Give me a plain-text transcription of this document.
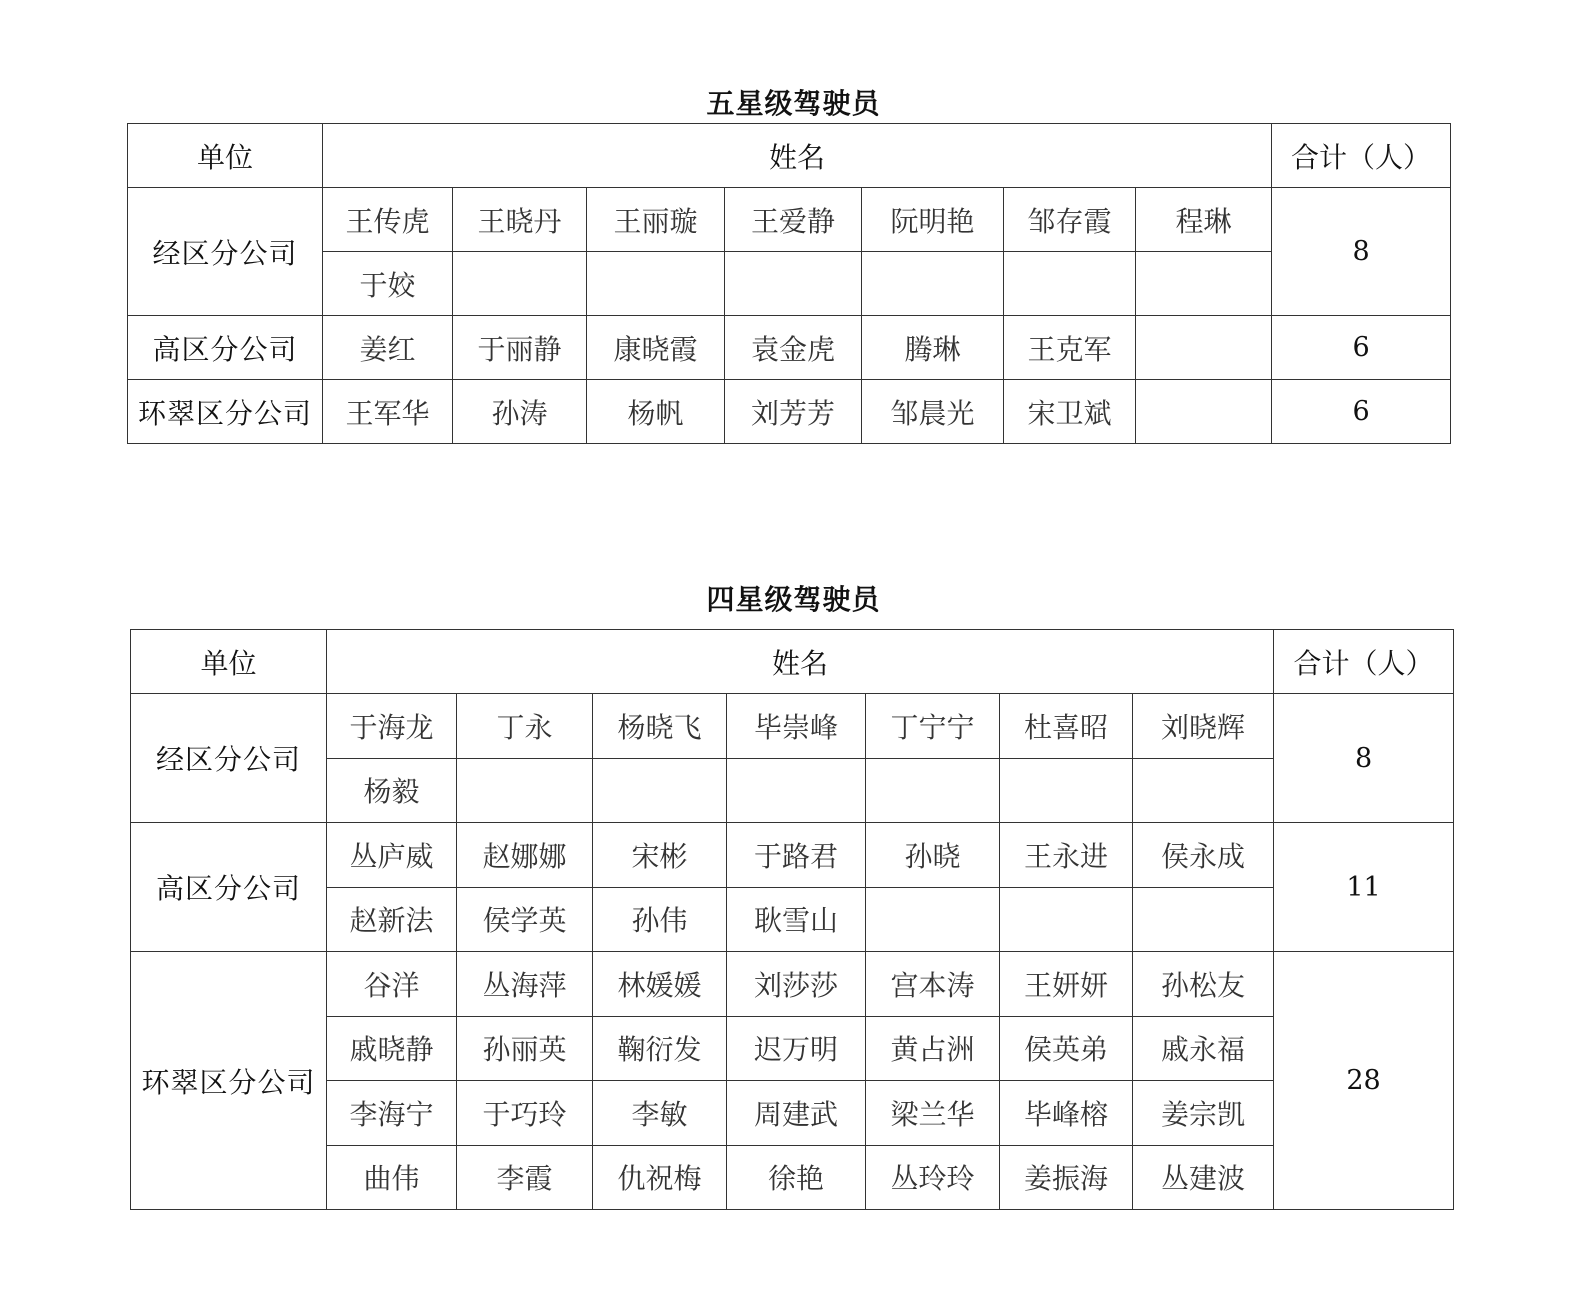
五星级驾驶员
单位	姓名							合计（人）
经区分公司	王传虎	王晓丹	王丽璇	王爱静	阮明艳	邹存霞	程琳	8
	于姣							
高区分公司	姜红	于丽静	康晓霞	袁金虎	腾琳	王克军		6
环翠区分公司	王军华	孙涛	杨帆	刘芳芳	邹晨光	宋卫斌		6
四星级驾驶员
单位	姓名							合计（人）
经区分公司	于海龙	丁永	杨晓飞	毕崇峰	丁宁宁	杜喜昭	刘晓辉	8
	杨毅							
高区分公司	丛庐威	赵娜娜	宋彬	于路君	孙晓	王永进	侯永成	11
	赵新法	侯学英	孙伟	耿雪山				
环翠区分公司	谷洋	丛海萍	林媛媛	刘莎莎	宫本涛	王妍妍	孙松友	28
	戚晓静	孙丽英	鞠衍发	迟万明	黄占洲	侯英弟	戚永福	
	李海宁	于巧玲	李敏	周建武	梁兰华	毕峰榕	姜宗凯	
	曲伟	李霞	仇祝梅	徐艳	丛玲玲	姜振海	丛建波	
